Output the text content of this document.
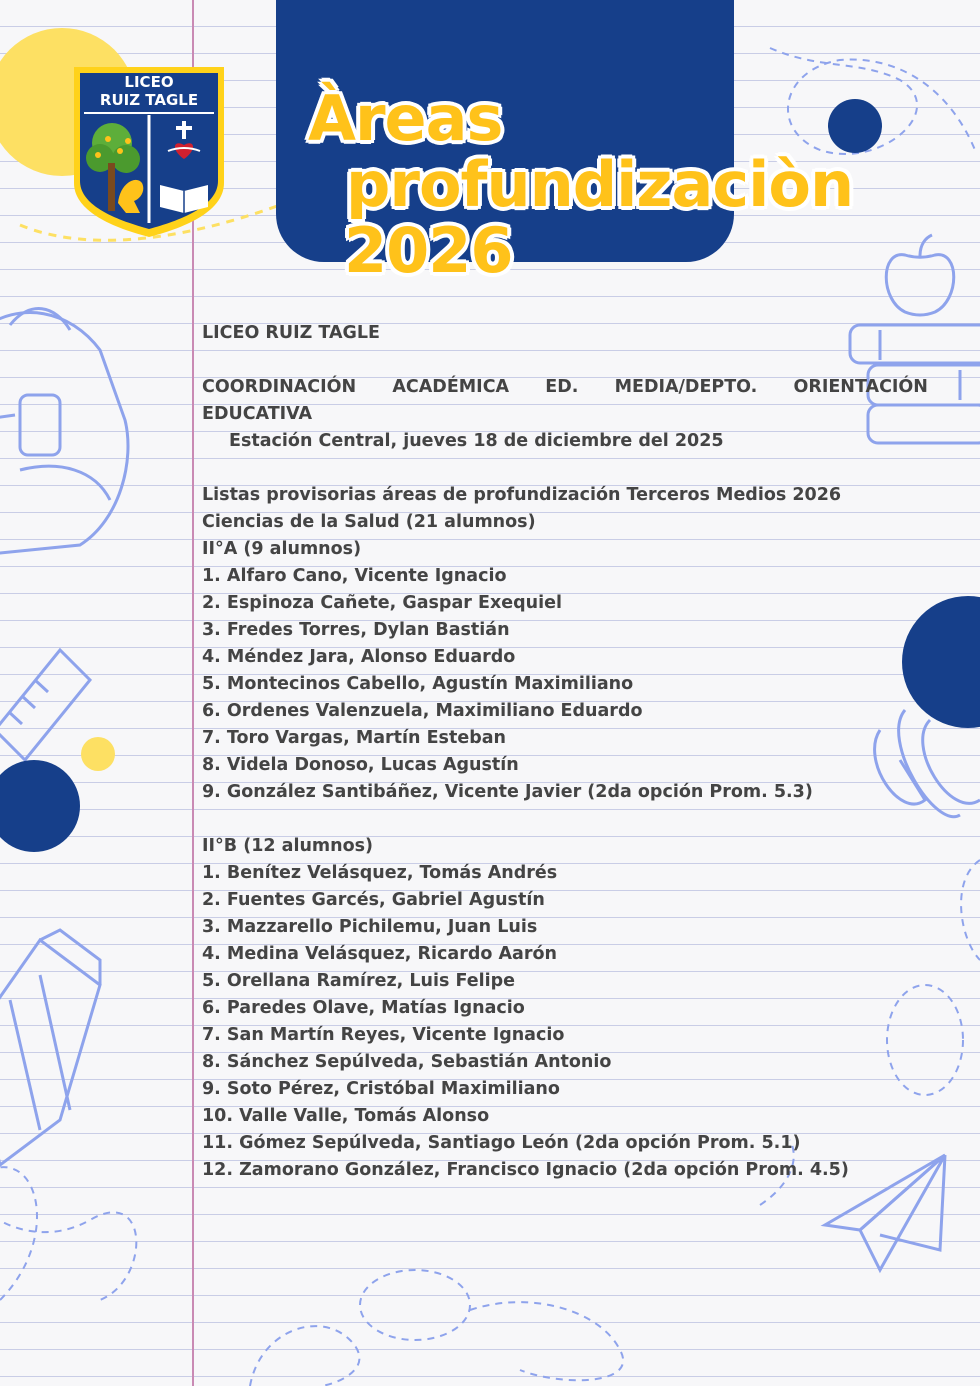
Àreas
profundizaciòn
2026
LICEO
RUIZ TAGLE

LICEO RUIZ TAGLE

COORDINACIÓN ACADÉMICA ED. MEDIA/DEPTO. ORIENTACIÓN

EDUCATIVA

Estación Central, jueves 18 de diciembre del 2025

Listas provisorias áreas de profundización Terceros Medios 2026

Ciencias de la Salud (21 alumnos)

II°A (9 alumnos)

1. Alfaro Cano, Vicente Ignacio
2. Espinoza Cañete, Gaspar Exequiel
3. Fredes Torres, Dylan Bastián
4. Méndez Jara, Alonso Eduardo
5. Montecinos Cabello, Agustín Maximiliano
6. Ordenes Valenzuela, Maximiliano Eduardo
7. Toro Vargas, Martín Esteban
8. Videla Donoso, Lucas Agustín
9. González Santibáñez, Vicente Javier (2da opción Prom. 5.3)

II°B (12 alumnos)

1. Benítez Velásquez, Tomás Andrés
2. Fuentes Garcés, Gabriel Agustín
3. Mazzarello Pichilemu, Juan Luis
4. Medina Velásquez, Ricardo Aarón
5. Orellana Ramírez, Luis Felipe
6. Paredes Olave, Matías Ignacio
7. San Martín Reyes, Vicente Ignacio
8. Sánchez Sepúlveda, Sebastián Antonio
9. Soto Pérez, Cristóbal Maximiliano
10. Valle Valle, Tomás Alonso
11. Gómez Sepúlveda, Santiago León (2da opción Prom. 5.1)
12. Zamorano González, Francisco Ignacio (2da opción Prom. 4.5)
